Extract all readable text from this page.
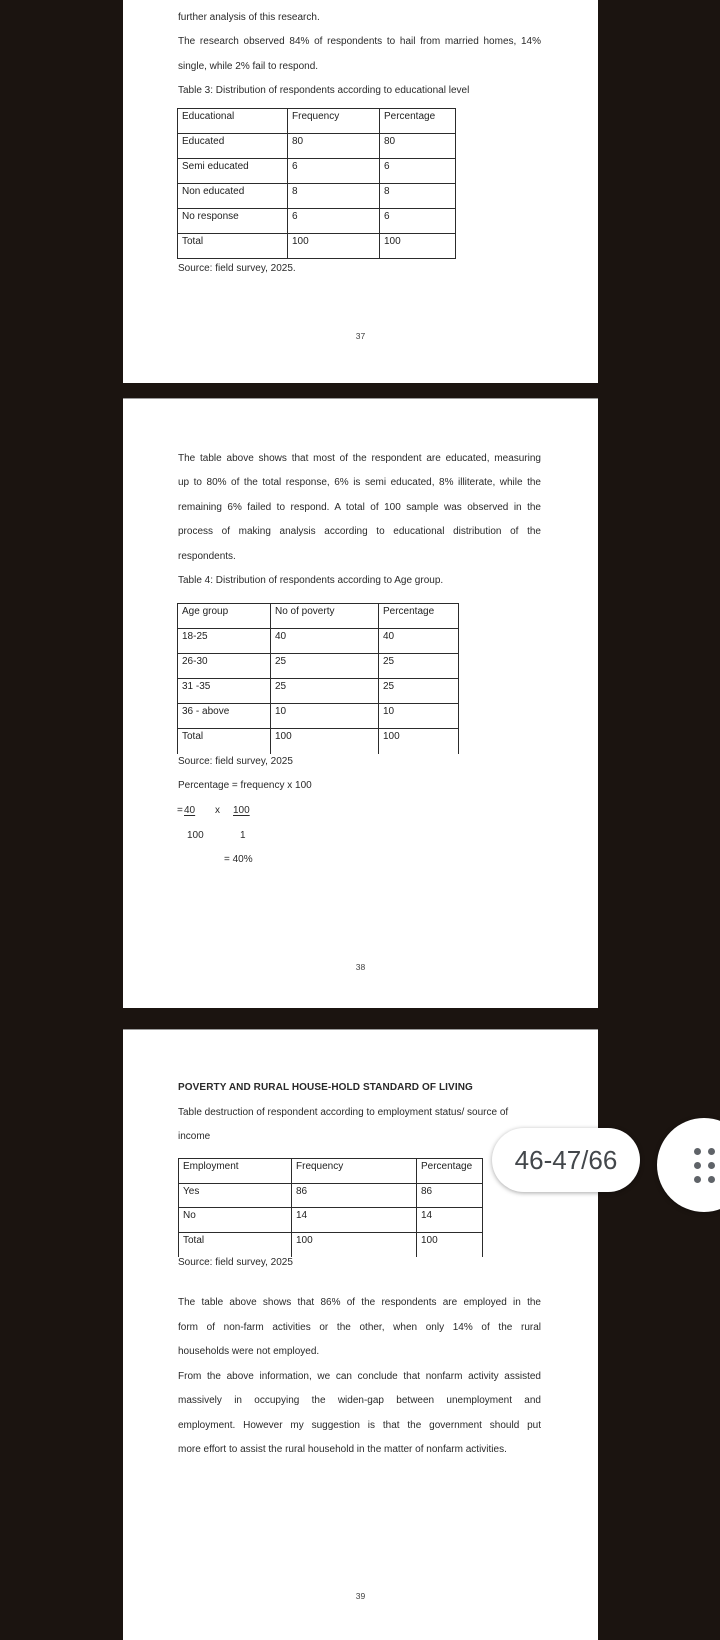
further analysis of this research.
The research observed 84% of respondents to hail from married homes, 14%
single, while 2% fail to respond.
Table 3: Distribution of respondents according to educational level
Educational	Frequency	Percentage
Educated	80	80
Semi educated	6	6
Non educated	8	8
No response	6	6
Total	100	100
Source: field survey, 2025.
37
The table above shows that most of the respondent are educated, measuring
up to 80% of the total response, 6% is semi educated, 8% illiterate, while the
remaining 6% failed to respond. A total of 100 sample was observed in the
process of making analysis according to educational distribution of the
respondents.
Table 4: Distribution of respondents according to Age group.
Age group	No of poverty	Percentage
18-25	40	40
26-30	25	25
31 -35	25	25
36 - above	10	10
Total	100	100
Source: field survey, 2025
Percentage = frequency x 100
= 40 x 100
100	1
= 40%
38
POVERTY AND RURAL HOUSE-HOLD STANDARD OF LIVING
Table destruction of respondent according to employment status/ source of
income
Employment	Frequency	Percentage
Yes	86	86
No	14	14
Total	100	100
Source: field survey, 2025
The table above shows that 86% of the respondents are employed in the
form of non-farm activities or the other, when only 14% of the rural
households were not employed.
From the above information, we can conclude that nonfarm activity assisted
massively in occupying the widen-gap between unemployment and
employment. However my suggestion is that the government should put
more effort to assist the rural household in the matter of nonfarm activities.
39
46-47/66
